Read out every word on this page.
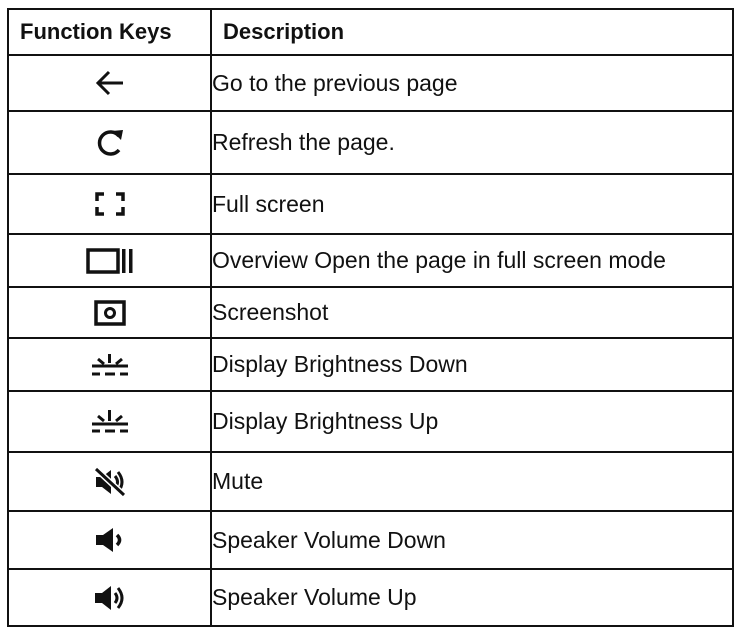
Function Keys	Description
	Go to the previous page
	Refresh the page.
	Full screen
	Overview Open the page in full screen mode
	Screenshot
	Display Brightness Down
	Display Brightness Up
	Mute
	Speaker Volume Down
	Speaker Volume Up
